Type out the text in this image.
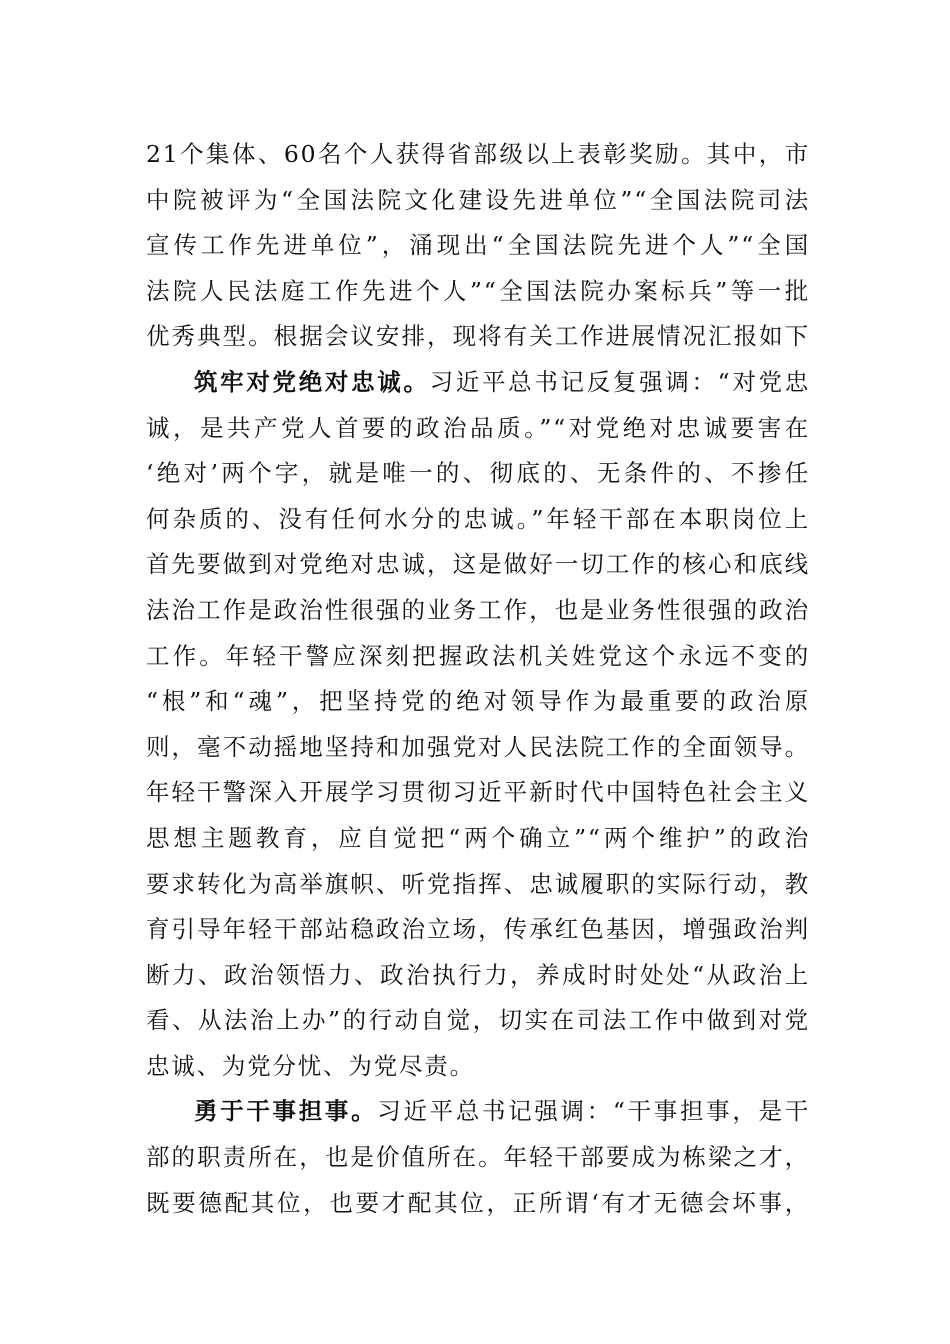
21个集体、60名个人获得省部级以上表彰奖励。其中，市
中院被评为“全国法院文化建设先进单位”“全国法院司法
宣传工作先进单位”，涌现出“全国法院先进个人”“全国
法院人民法庭工作先进个人”“全国法院办案标兵”等一批
优秀典型。根据会议安排，现将有关工作进展情况汇报如下
筑牢对党绝对忠诚。习近平总书记反复强调：“对党忠
诚，是共产党人首要的政治品质。”“对党绝对忠诚要害在
‘绝对’两个字，就是唯一的、彻底的、无条件的、不掺任
何杂质的、没有任何水分的忠诚。”年轻干部在本职岗位上
首先要做到对党绝对忠诚，这是做好一切工作的核心和底线
法治工作是政治性很强的业务工作，也是业务性很强的政治
工作。年轻干警应深刻把握政法机关姓党这个永远不变的
“根”和“魂”，把坚持党的绝对领导作为最重要的政治原
则，毫不动摇地坚持和加强党对人民法院工作的全面领导。
年轻干警深入开展学习贯彻习近平新时代中国特色社会主义
思想主题教育，应自觉把“两个确立”“两个维护”的政治
要求转化为高举旗帜、听党指挥、忠诚履职的实际行动，教
育引导年轻干部站稳政治立场，传承红色基因，增强政治判
断力、政治领悟力、政治执行力，养成时时处处“从政治上
看、从法治上办”的行动自觉，切实在司法工作中做到对党
忠诚、为党分忧、为党尽责。
勇于干事担事。习近平总书记强调：“干事担事，是干
部的职责所在，也是价值所在。年轻干部要成为栋梁之才，
既要德配其位，也要才配其位，正所谓‘有才无德会坏事，
